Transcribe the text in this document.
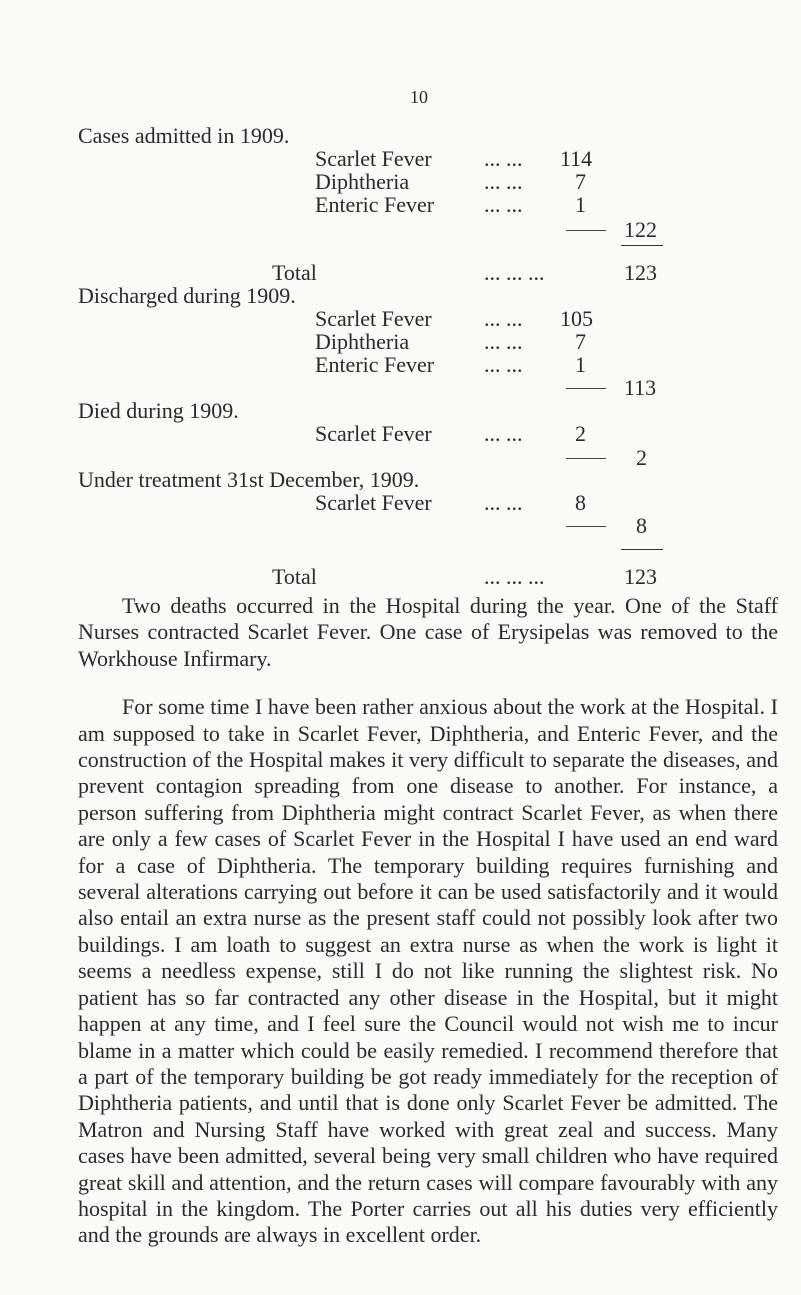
10
Cases admitted in 1909.
Scarlet Fever ... ... 114
Diphtheria	... ... 7
Enteric Fever ... ... 1
122
Total	... ... ...	123
Discharged during 1909.
Scarlet Fever ... ... 105
Diphtheria	... ... 7
Enteric Fever ... ... 1
113
Died during 1909.
Scarlet Fever ... ... 2
2
Under treatment 31st December, 1909.
Scarlet Fever ... ... 8
8
Total	... ... ...	123

Two deaths occurred in the Hospital during the year. One of the Staff Nurses contracted Scarlet Fever. One case of Erysipelas was removed to the Workhouse Infirmary.

For some time I have been rather anxious about the work at the Hospital. I am supposed to take in Scarlet Fever, Diphtheria, and Enteric Fever, and the construction of the Hospital makes it very difficult to separate the diseases, and prevent contagion spreading from one disease to another. For instance, a person suffering from Diphtheria might contract Scarlet Fever, as when there are only a few cases of Scarlet Fever in the Hospital I have used an end ward for a case of Diphtheria. The temporary building requires furnishing and several alterations carrying out before it can be used satisfactorily and it would also entail an extra nurse as the present staff could not possibly look after two buildings. I am loath to suggest an extra nurse as when the work is light it seems a needless expense, still I do not like running the slightest risk. No patient has so far contracted any other disease in the Hospital, but it might happen at any time, and I feel sure the Council would not wish me to incur blame in a matter which could be easily remedied. I recommend therefore that a part of the temporary building be got ready immediately for the reception of Diphtheria patients, and until that is done only Scarlet Fever be admitted. The Matron and Nursing Staff have worked with great zeal and success. Many cases have been admitted, several being very small children who have required great skill and attention, and the return cases will compare favourably with any hospital in the kingdom. The Porter carries out all his duties very efficiently and the grounds are always in excellent order.
